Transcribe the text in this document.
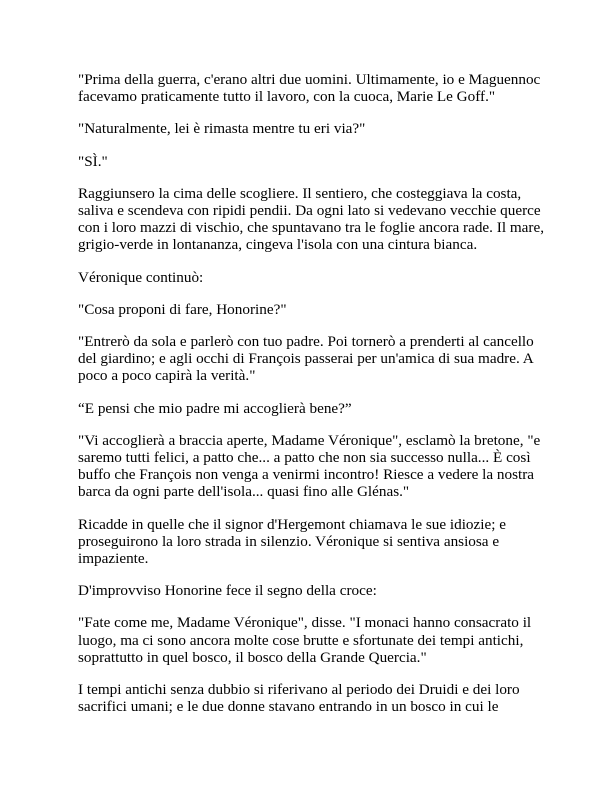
"Prima della guerra, c'erano altri due uomini. Ultimamente, io e Maguennoc facevamo praticamente tutto il lavoro, con la cuoca, Marie Le Goff."

"Naturalmente, lei è rimasta mentre tu eri via?"

"SÌ."

Raggiunsero la cima delle scogliere. Il sentiero, che costeggiava la costa, saliva e scendeva con ripidi pendii. Da ogni lato si vedevano vecchie querce con i loro mazzi di vischio, che spuntavano tra le foglie ancora rade. Il mare, grigio-verde in lontananza, cingeva l'isola con una cintura bianca.

Véronique continuò:

"Cosa proponi di fare, Honorine?"

"Entrerò da sola e parlerò con tuo padre. Poi tornerò a prenderti al cancello del giardino; e agli occhi di François passerai per un'amica di sua madre. A poco a poco capirà la verità."

“E pensi che mio padre mi accoglierà bene?”

"Vi accoglierà a braccia aperte, Madame Véronique", esclamò la bretone, "e saremo tutti felici, a patto che... a patto che non sia successo nulla... È così buffo che François non venga a venirmi incontro! Riesce a vedere la nostra barca da ogni parte dell'isola... quasi fino alle Glénas."

Ricadde in quelle che il signor d'Hergemont chiamava le sue idiozie; e proseguirono la loro strada in silenzio. Véronique si sentiva ansiosa e impaziente.

D'improvviso Honorine fece il segno della croce:

"Fate come me, Madame Véronique", disse. "I monaci hanno consacrato il luogo, ma ci sono ancora molte cose brutte e sfortunate dei tempi antichi, soprattutto in quel bosco, il bosco della Grande Quercia."

I tempi antichi senza dubbio si riferivano al periodo dei Druidi e dei loro sacrifici umani; e le due donne stavano entrando in un bosco in cui le
